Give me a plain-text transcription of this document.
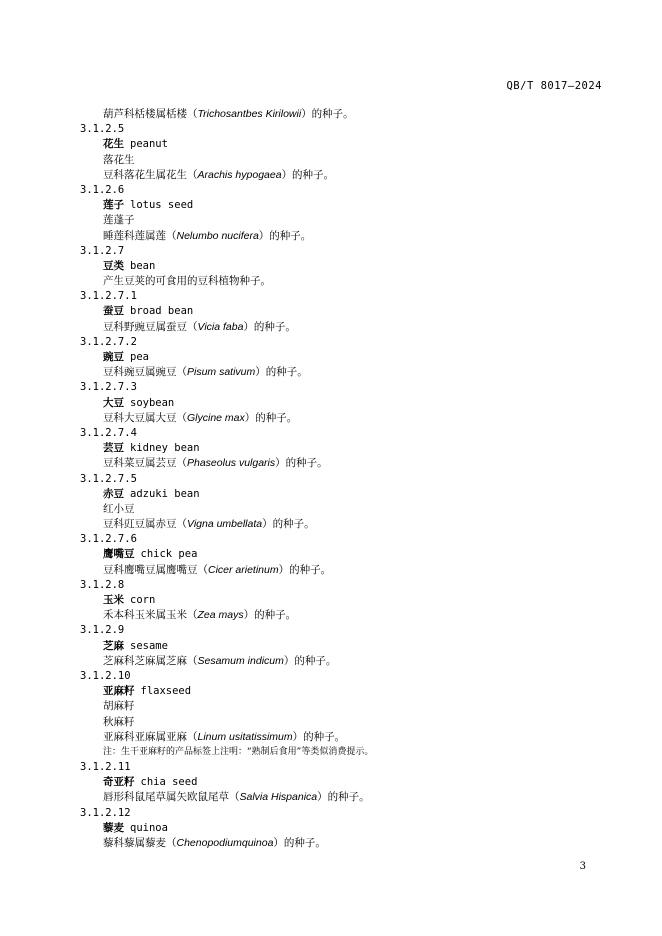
QB/T 8017—2024
葫芦科栝楼属栝楼（Trichosantbes Kirilowii）的种子。
3.1.2.5
花生 peanut
落花生
豆科落花生属花生（Arachis hypogaea）的种子。
3.1.2.6
莲子 lotus seed
莲蓬子
睡莲科莲属莲（Nelumbo nucifera）的种子。
3.1.2.7
豆类 bean
产生豆荚的可食用的豆科植物种子。
3.1.2.7.1
蚕豆 broad bean
豆科野豌豆属蚕豆（Vicia faba）的种子。
3.1.2.7.2
豌豆 pea
豆科豌豆属豌豆（Pisum sativum）的种子。
3.1.2.7.3
大豆 soybean
豆科大豆属大豆（Glycine max）的种子。
3.1.2.7.4
芸豆 kidney bean
豆科菜豆属芸豆（Phaseolus vulgaris）的种子。
3.1.2.7.5
赤豆 adzuki bean
红小豆
豆科豇豆属赤豆（Vigna umbellata）的种子。
3.1.2.7.6
鹰嘴豆 chick pea
豆科鹰嘴豆属鹰嘴豆（Cicer arietinum）的种子。
3.1.2.8
玉米 corn
禾本科玉米属玉米（Zea mays）的种子。
3.1.2.9
芝麻 sesame
芝麻科芝麻属芝麻（Sesamum indicum）的种子。
3.1.2.10
亚麻籽 flaxseed
胡麻籽
秋麻籽
亚麻科亚麻属亚麻（Linum usitatissimum）的种子。
注：生干亚麻籽的产品标签上注明：“熟制后食用”等类似消费提示。
3.1.2.11
奇亚籽 chia seed
唇形科鼠尾草属矢欧鼠尾草（Salvia Hispanica）的种子。
3.1.2.12
藜麦 quinoa
藜科藜属藜麦（Chenopodiumquinoa）的种子。
3
